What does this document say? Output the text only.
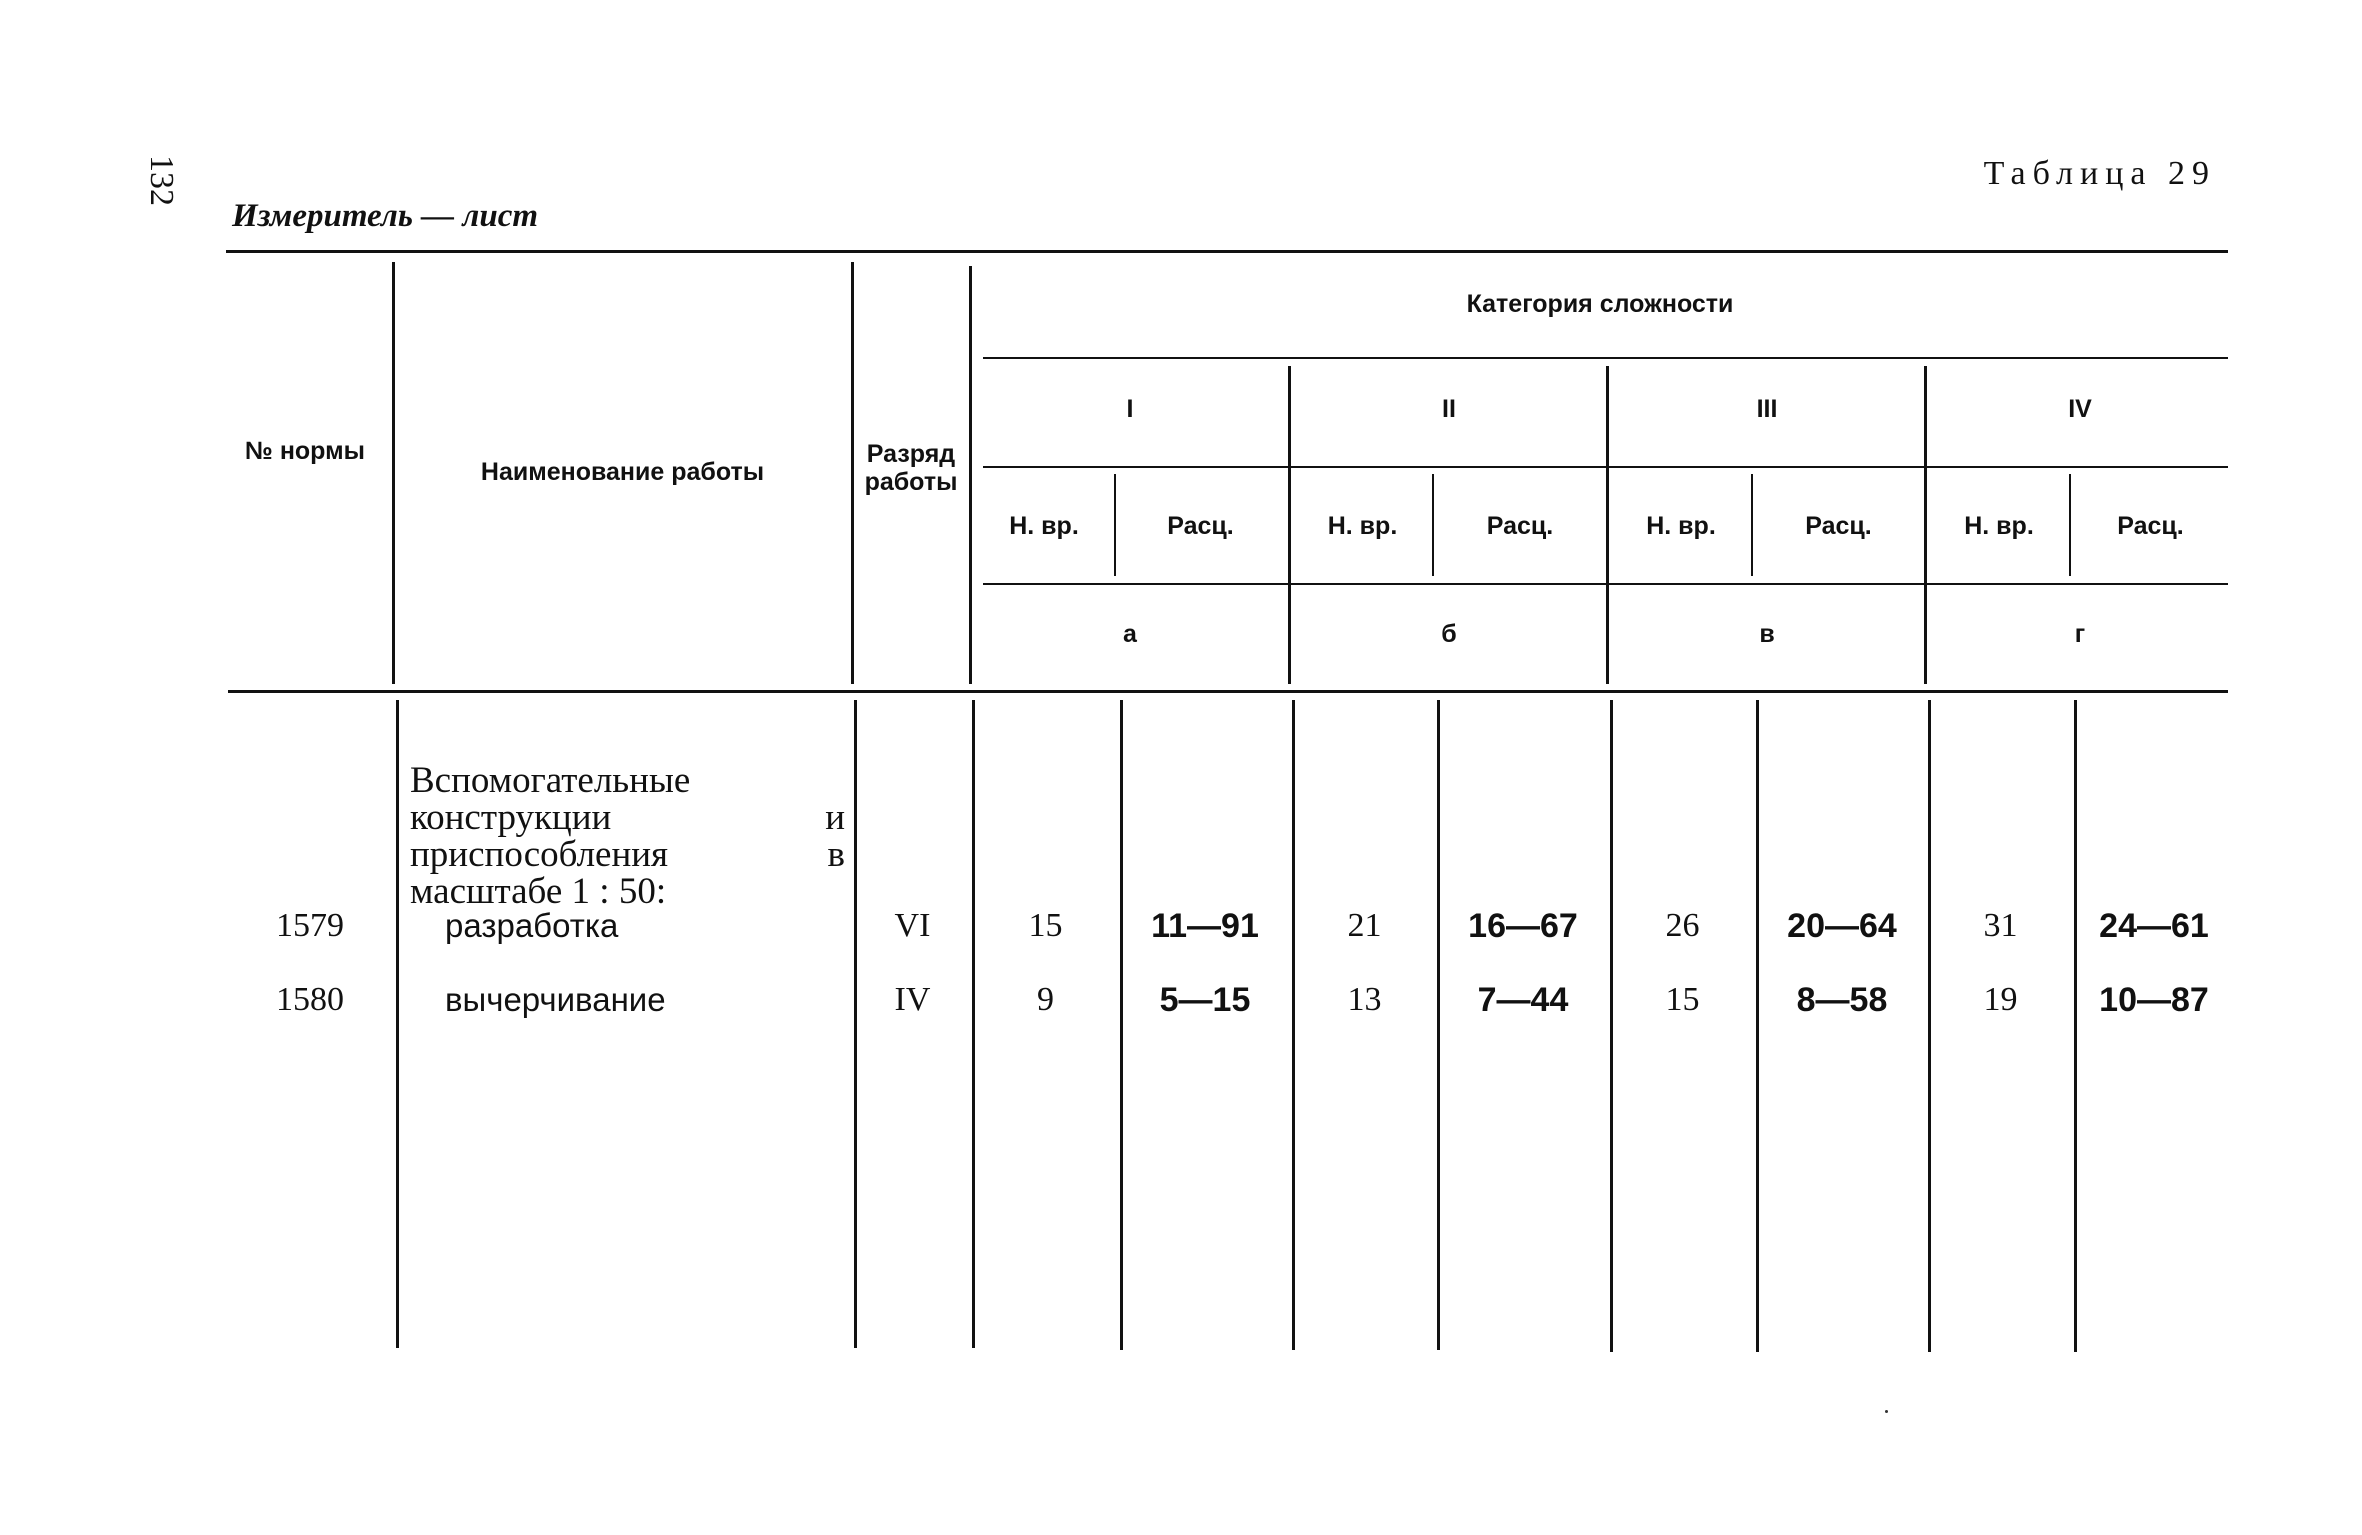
132
Измеритель — лист
Таблица 29
№ нормы
Наименование работы
Разряд работы
Категория сложности
I	II	III	IV
Н. вр.	Расц.	Н. вр.	Расц.	Н. вр.	Расц.	Н. вр.	Расц.
а	б	в	г
Вспомогательные конструкции и приспособления в масштабе 1 : 50:
1579	разработка	VI	15	11—91	21	16—67	26	20—64	31	24—61
1580	вычерчивание	IV	9	5—15	13	7—44	15	8—58	19	10—87
